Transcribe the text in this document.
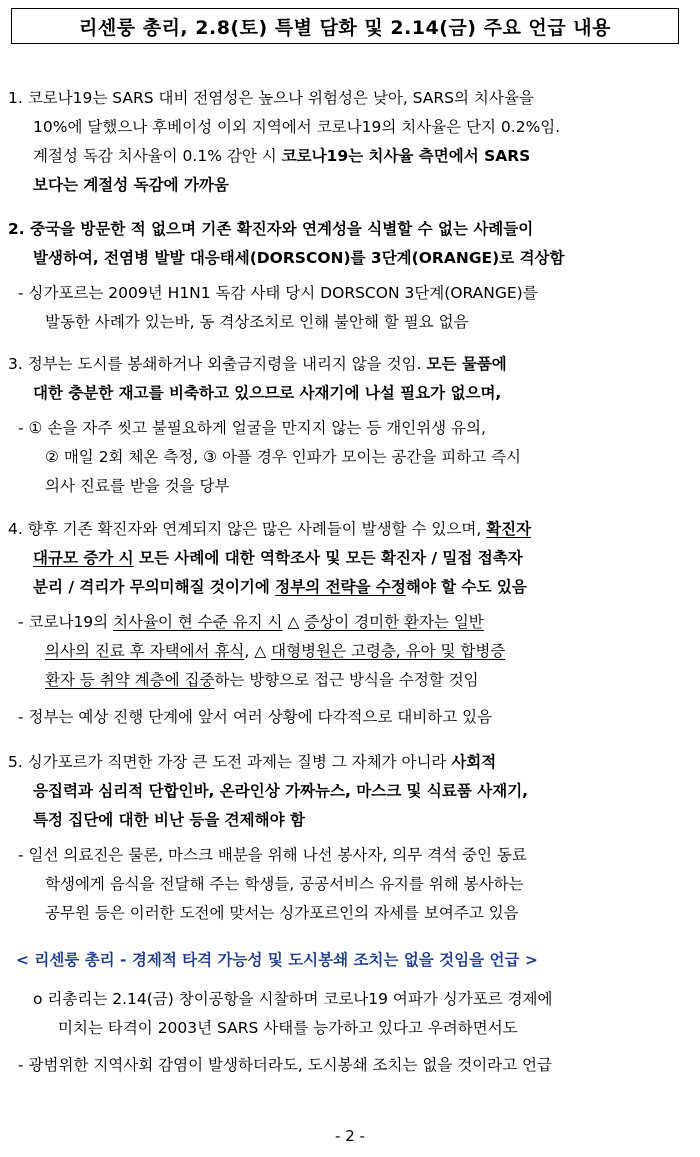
리센룽 총리, 2.8(토) 특별 담화 및 2.14(금) 주요 언급 내용
1. 코로나19는 SARS 대비 전염성은 높으나 위험성은 낮아, SARS의 치사율을
10%에 달했으나 후베이성 이외 지역에서 코로나19의 치사율은 단지 0.2%임.
계절성 독감 치사율이 0.1% 감안 시 코로나19는 치사율 측면에서 SARS
보다는 계절성 독감에 가까움
2. 중국을 방문한 적 없으며 기존 확진자와 연계성을 식별할 수 없는 사례들이
발생하여, 전염병 발발 대응태세(DORSCON)를 3단계(ORANGE)로 격상함
- 싱가포르는 2009년 H1N1 독감 사태 당시 DORSCON 3단계(ORANGE)를
발동한 사례가 있는바, 동 격상조치로 인해 불안해 할 필요 없음
3. 정부는 도시를 봉쇄하거나 외출금지령을 내리지 않을 것임. 모든 물품에
대한 충분한 재고를 비축하고 있으므로 사재기에 나설 필요가 없으며,
- ① 손을 자주 씻고 불필요하게 얼굴을 만지지 않는 등 개인위생 유의,
② 매일 2회 체온 측정, ③ 아플 경우 인파가 모이는 공간을 피하고 즉시
의사 진료를 받을 것을 당부
4. 향후 기존 확진자와 연계되지 않은 많은 사례들이 발생할 수 있으며, 확진자
대규모 증가 시 모든 사례에 대한 역학조사 및 모든 확진자 / 밀접 접촉자
분리 / 격리가 무의미해질 것이기에 정부의 전략을 수정해야 할 수도 있음
- 코로나19의 치사율이 현 수준 유지 시 △ 증상이 경미한 환자는 일반
의사의 진료 후 자택에서 휴식, △ 대형병원은 고령층, 유아 및 합병증
환자 등 취약 계층에 집중하는 방향으로 접근 방식을 수정할 것임
- 정부는 예상 진행 단계에 앞서 여러 상황에 다각적으로 대비하고 있음
5. 싱가포르가 직면한 가장 큰 도전 과제는 질병 그 자체가 아니라 사회적
응집력과 심리적 단합인바, 온라인상 가짜뉴스, 마스크 및 식료품 사재기,
특정 집단에 대한 비난 등을 견제해야 함
- 일선 의료진은 물론, 마스크 배분을 위해 나선 봉사자, 의무 격석 중인 동료
학생에게 음식을 전달해 주는 학생들, 공공서비스 유지를 위해 봉사하는
공무원 등은 이러한 도전에 맞서는 싱가포르인의 자세를 보여주고 있음
< 리센룽 총리 - 경제적 타격 가능성 및 도시봉쇄 조치는 없을 것임을 언급 >
o 리총리는 2.14(금) 창이공항을 시찰하며 코로나19 여파가 싱가포르 경제에
미치는 타격이 2003년 SARS 사태를 능가하고 있다고 우려하면서도
- 광범위한 지역사회 감염이 발생하더라도, 도시봉쇄 조치는 없을 것이라고 언급
- 2 -
